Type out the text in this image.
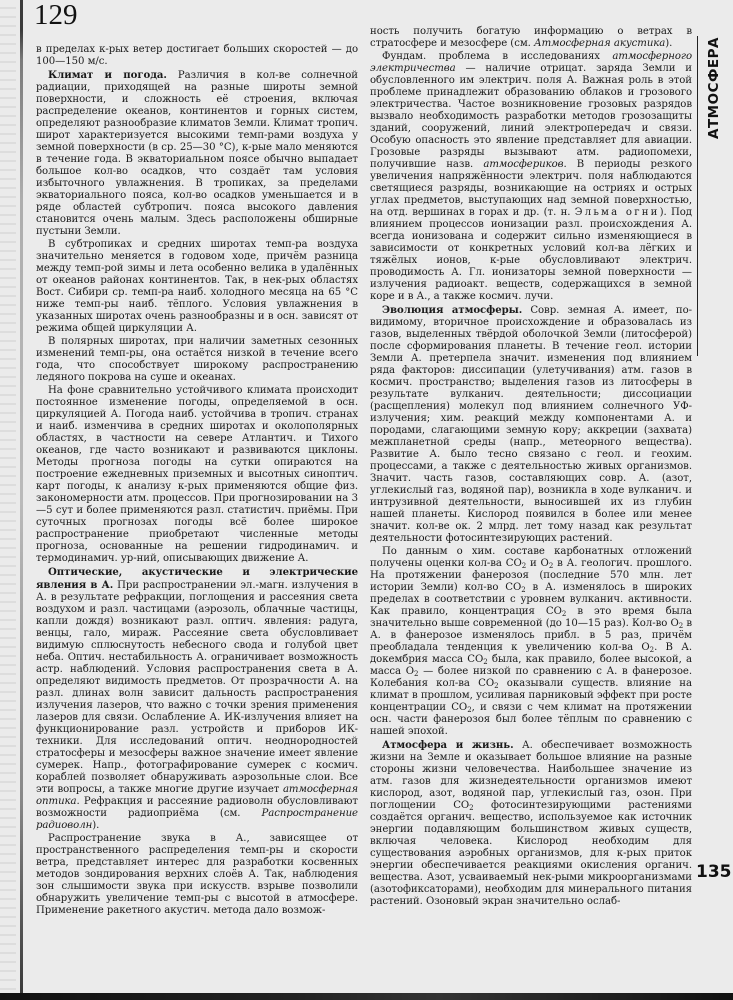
129

в пределах к-рых ветер достигает больших скоростей — до 100—150 м/с.

Климат и погода. Различия в кол-ве солнечной радиации, приходящей на разные широты земной поверхности, и сложность её строения, включая распределение океанов, континентов и горных систем, определяют разнообразие климатов Земли. Климат тропич. широт характеризуется высокими темп-рами воздуха у земной поверхности (в ср. 25—30 °C), к-рые мало меняются в течение года. В экваториальном поясе обычно выпадает большое кол-во осадков, что создаёт там условия избыточного увлажнения. В тропиках, за пределами экваториального пояса, кол-во осадков уменьшается и в ряде областей субтропич. пояса высокого давления становится очень малым. Здесь расположены обширные пустыни Земли.

В субтропиках и средних широтах темп-ра воздуха значительно меняется в годовом ходе, причём разница между темп-рой зимы и лета особенно велика в удалённых от океанов районах континентов. Так, в нек-рых областях Вост. Сибири ср. темп-ра наиб. холодного месяца на 65 °C ниже темп-ры наиб. тёплого. Условия увлажнения в указанных широтах очень разнообразны и в осн. зависят от режима общей циркуляции А.

В полярных широтах, при наличии заметных сезонных изменений темп-ры, она остаётся низкой в течение всего года, что способствует широкому распространению ледяного покрова на суше и океанах.

На фоне сравнительно устойчивого климата происходит постоянное изменение погоды, определяемой в осн. циркуляцией А. Погода наиб. устойчива в тропич. странах и наиб. изменчива в средних широтах и околополярных областях, в частности на севере Атлантич. и Тихого океанов, где часто возникают и развиваются циклоны. Методы прогноза погоды на сутки опираются на построение ежедневных приземных и высотных синоптич. карт погоды, к анализу к-рых применяются общие физ. закономерности атм. процессов. При прогнозировании на 3—5 сут и более применяются разл. статистич. приёмы. При суточных прогнозах погоды всё более широкое распространение приобретают численные методы прогноза, основанные на решении гидродинамич. и термодинамич. ур-ний, описывающих движение А.

Оптические, акустические и электрические явления в А. При распространении эл.-магн. излучения в А. в результате рефракции, поглощения и рассеяния света воздухом и разл. частицами (аэрозоль, облачные частицы, капли дождя) возникают разл. оптич. явления: радуга, венцы, гало, мираж. Рассеяние света обусловливает видимую сплюснутость небесного свода и голубой цвет неба. Оптич. нестабильность А. ограничивает возможность астр. наблюдений. Условия распространения света в А. определяют видимость предметов. От прозрачности А. на разл. длинах волн зависит дальность распространения излучения лазеров, что важно с точки зрения применения лазеров для связи. Ослабление А. ИК-излучения влияет на функционирование разл. устройств и приборов ИК-техники. Для исследований оптич. неоднородностей стратосферы и мезосферы важное значение имеет явление сумерек. Напр., фотографирование сумерек с космич. кораблей позволяет обнаруживать аэрозольные слои. Все эти вопросы, а также многие другие изучает атмосферная оптика. Рефракция и рассеяние радиоволн обусловливают возможности радиоприёма (см. Распространение радиоволн).

Распространение звука в А., зависящее от пространственного распределения темп-ры и скорости ветра, представляет интерес для разработки косвенных методов зондирования верхних слоёв А. Так, наблюдения зон слышимости звука при искусств. взрыве позволили обнаружить увеличение темп-ры с высотой в атмосфере. Применение ракетного акустич. метода дало возмож-

ность получить богатую информацию о ветрах в стратосфере и мезосфере (см. Атмосферная акустика).

Фундам. проблема в исследованиях атмосферного электричества — наличие отрицат. заряда Земли и обусловленного им электрич. поля А. Важная роль в этой проблеме принадлежит образованию облаков и грозового электричества. Частое возникновение грозовых разрядов вызвало необходимость разработки методов грозозащиты зданий, сооружений, линий электропередач и связи. Особую опасность это явление представляет для авиации. Грозовые разряды вызывают атм. радиопомехи, получившие назв. атмосфериков. В периоды резкого увеличения напряжённости электрич. поля наблюдаются светящиеся разряды, возникающие на остриях и острых углах предметов, выступающих над земной поверхностью, на отд. вершинах в горах и др. (т. н. Эльма огни). Под влиянием процессов ионизации разл. происхождения А. всегда ионизована и содержит сильно изменяющиеся в зависимости от конкретных условий кол-ва лёгких и тяжёлых ионов, к-рые обусловливают электрич. проводимость А. Гл. ионизаторы земной поверхности — излучения радиоакт. веществ, содержащихся в земной коре и в А., а также космич. лучи.

Эволюция атмосферы. Совр. земная А. имеет, по-видимому, вторичное происхождение и образовалась из газов, выделенных твёрдой оболочкой Земли (литосферой) после сформирования планеты. В течение геол. истории Земли А. претерпела значит. изменения под влиянием ряда факторов: диссипации (улетучивания) атм. газов в космич. пространство; выделения газов из литосферы в результате вулканич. деятельности; диссоциации (расщепления) молекул под влиянием солнечного УФ-излучения; хим. реакций между компонентами А. и породами, слагающими земную кору; аккреции (захвата) межпланетной среды (напр., метеорного вещества). Развитие А. было тесно связано с геол. и геохим. процессами, а также с деятельностью живых организмов. Значит. часть газов, составляющих совр. А. (азот, углекислый газ, водяной пар), возникла в ходе вулканич. и интрузивной деятельности, выносившей их из глубин нашей планеты. Кислород появился в более или менее значит. кол-ве ок. 2 млрд. лет тому назад как результат деятельности фотосинтезирующих растений.

По данным о хим. составе карбонатных отложений получены оценки кол-ва $CO_2$ и $O_2$ в А. геологич. прошлого. На протяжении фанерозоя (последние 570 млн. лет истории Земли) кол-во $CO_2$ в А. изменялось в широких пределах в соответствии с уровнем вулканич. активности. Как правило, концентрация $CO_2$ в это время была значительно выше современной (до 10—15 раз). Кол-во $O_2$ в А. в фанерозое изменялось прибл. в 5 раз, причём преобладала тенденция к увеличению кол-ва $O_2$. В А. докембрия масса $CO_2$ была, как правило, более высокой, а масса $O_2$ — более низкой по сравнению с А. в фанерозое. Колебания кол-ва $CO_2$ оказывали существ. влияние на климат в прошлом, усиливая парниковый эффект при росте концентрации $CO_2$, и связи с чем климат на протяжении осн. части фанерозоя был более тёплым по сравнению с нашей эпохой.

Атмосфера и жизнь. А. обеспечивает возможность жизни на Земле и оказывает большое влияние на разные стороны жизни человечества. Наибольшее значение из атм. газов для жизнедеятельности организмов имеют кислород, азот, водяной пар, углекислый газ, озон. При поглощении $CO_2$ фотосинтезирующими растениями создаётся органич. вещество, используемое как источник энергии подавляющим большинством живых существ, включая человека. Кислород необходим для существования аэробных организмов, для к-рых приток энергии обеспечивается реакциями окисления органич. вещества. Азот, усваиваемый нек-рыми микроорганизмами (азотофиксаторами), необходим для минерального питания растений. Озоновый экран значительно ослаб-

АТМОСФЕРА
135
